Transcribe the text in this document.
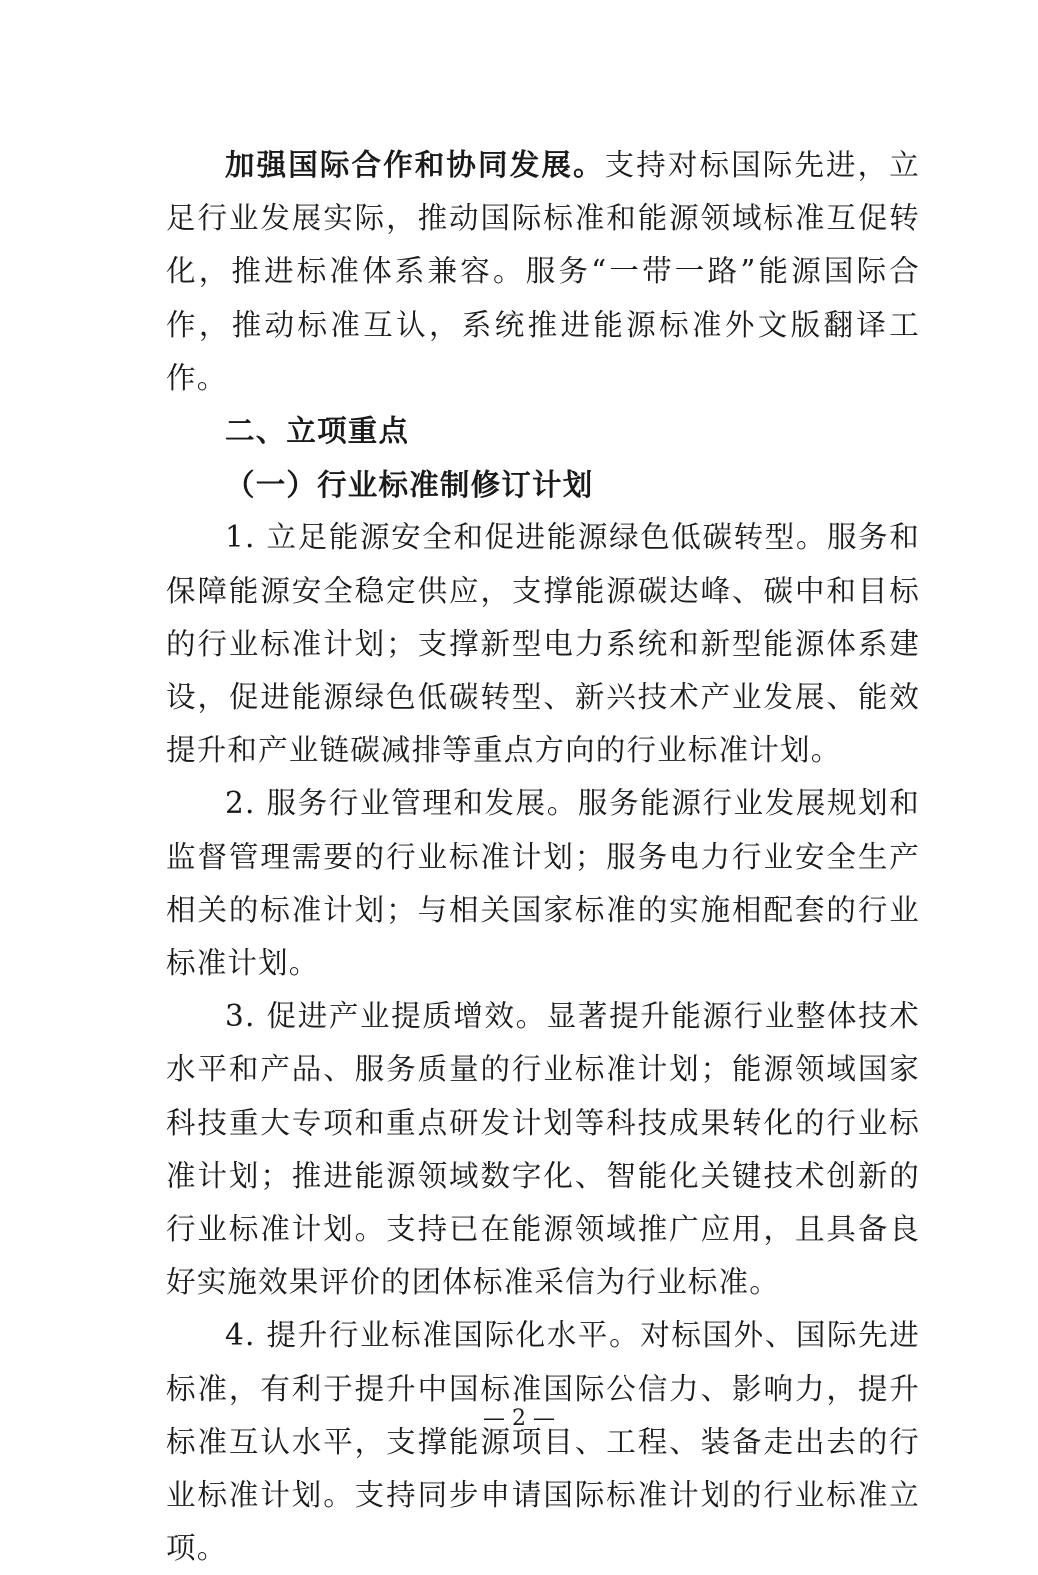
加强国际合作和协同发展。支持对标国际先进，立足行业发展实际，推动国际标准和能源领域标准互促转化，推进标准体系兼容。服务“一带一路”能源国际合作，推动标准互认，系统推进能源标准外文版翻译工作。

二、立项重点

（一）行业标准制修订计划

1. 立足能源安全和促进能源绿色低碳转型。服务和保障能源安全稳定供应，支撑能源碳达峰、碳中和目标的行业标准计划；支撑新型电力系统和新型能源体系建设，促进能源绿色低碳转型、新兴技术产业发展、能效提升和产业链碳减排等重点方向的行业标准计划。

2. 服务行业管理和发展。服务能源行业发展规划和监督管理需要的行业标准计划；服务电力行业安全生产相关的标准计划；与相关国家标准的实施相配套的行业标准计划。

3. 促进产业提质增效。显著提升能源行业整体技术水平和产品、服务质量的行业标准计划；能源领域国家科技重大专项和重点研发计划等科技成果转化的行业标准计划；推进能源领域数字化、智能化关键技术创新的行业标准计划。支持已在能源领域推广应用，且具备良好实施效果评价的团体标准采信为行业标准。

4. 提升行业标准国际化水平。对标国外、国际先进标准，有利于提升中国标准国际公信力、影响力，提升标准互认水平，支撑能源项目、工程、装备走出去的行业标准计划。支持同步申请国际标准计划的行业标准立项。

— 2 —
